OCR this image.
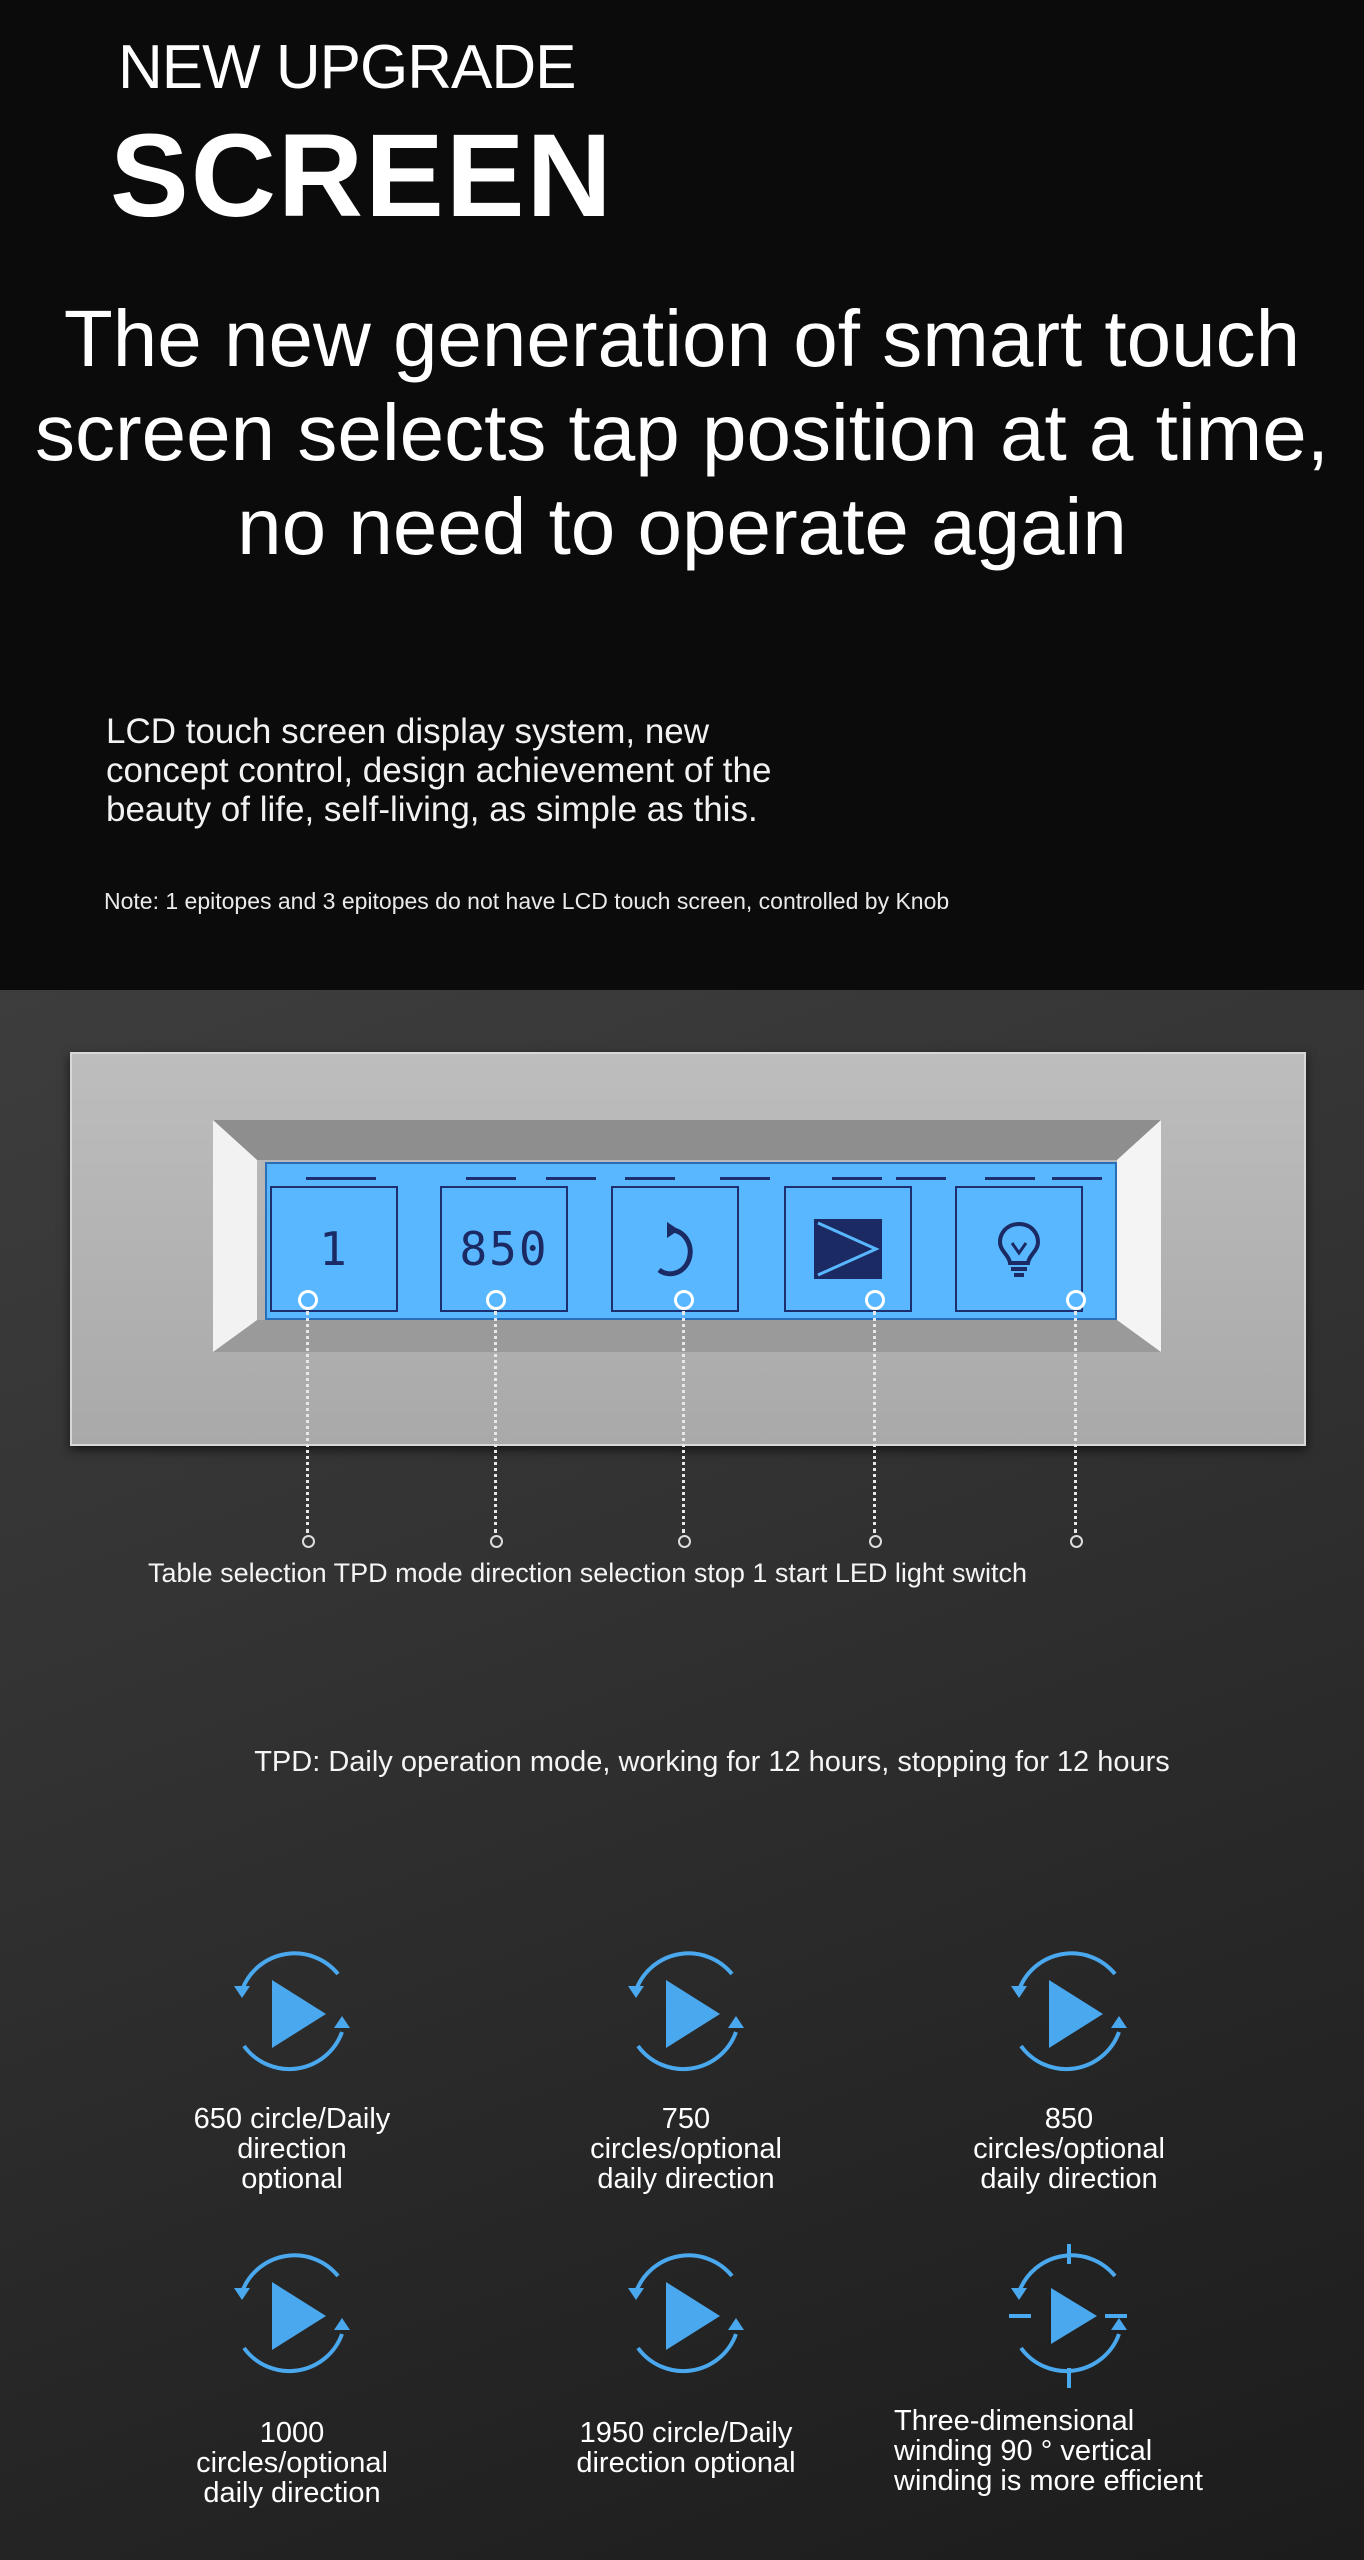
NEW UPGRADE
SCREEN
The new generation of smart touch
screen selects tap position at a time,
no need to operate again
LCD touch screen display system, new
concept control, design achievement of the
beauty of life, self-living, as simple as this.
Note: 1 epitopes and 3 epitopes do not have LCD touch screen, controlled by Knob
1 850
Table selection TPD mode direction selection stop 1 start LED light switch
TPD: Daily operation mode, working for 12 hours, stopping for 12 hours
650 circle/Daily
direction
optional
750
circles/optional
daily direction
850
circles/optional
daily direction
1000
circles/optional
daily direction
1950 circle/Daily
direction optional
Three-dimensional
winding 90 ° vertical
winding is more efficient
